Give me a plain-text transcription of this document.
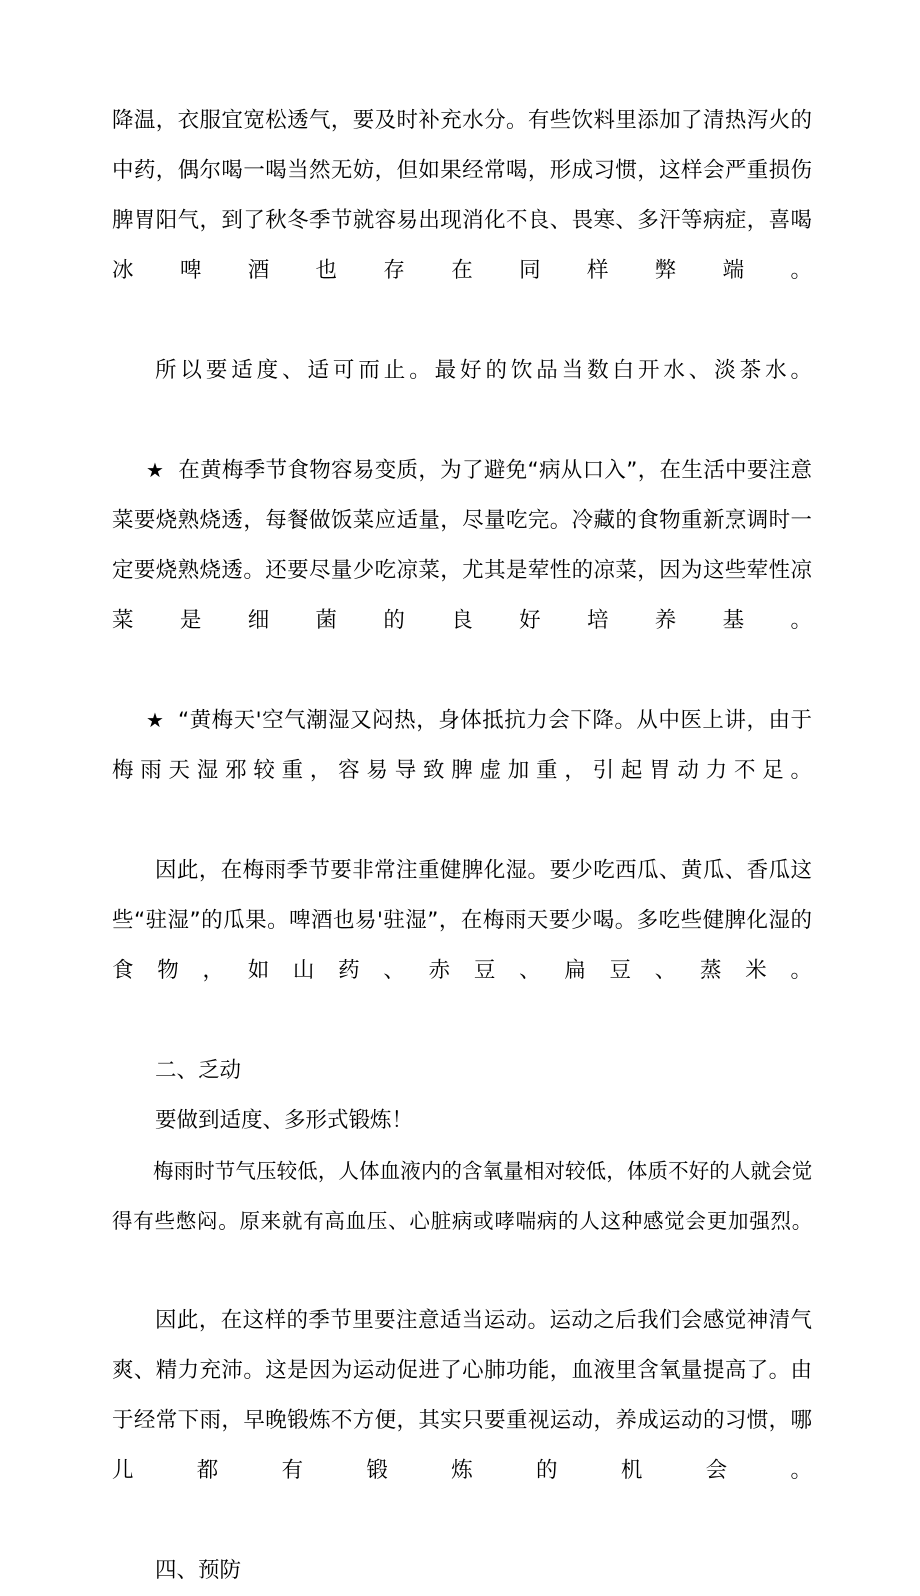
降温，衣服宜宽松透气，要及时补充水分。有些饮料里添加了清热泻火的中药，偶尔喝一喝当然无妨，但如果经常喝，形成习惯，这样会严重损伤脾胃阳气，到了秋冬季节就容易出现消化不良、畏寒、多汗等病症，喜喝冰啤酒也存在同样弊端。

所以要适度、适可而止。最好的饮品当数白开水、淡茶水。

★ 在黄梅季节食物容易变质，为了避免“病从口入”，在生活中要注意菜要烧熟烧透，每餐做饭菜应适量，尽量吃完。冷藏的食物重新烹调时一定要烧熟烧透。还要尽量少吃凉菜，尤其是荤性的凉菜，因为这些荤性凉菜是细菌的良好培养基。

★ “黄梅天'空气潮湿又闷热，身体抵抗力会下降。从中医上讲，由于梅雨天湿邪较重，容易导致脾虚加重，引起胃动力不足。

因此，在梅雨季节要非常注重健脾化湿。要少吃西瓜、黄瓜、香瓜这些“驻湿”的瓜果。啤酒也易'驻湿”，在梅雨天要少喝。多吃些健脾化湿的食物，如山药、赤豆、扁豆、蒸米。

二、乏动

要做到适度、多形式锻炼！

梅雨时节气压较低，人体血液内的含氧量相对较低，体质不好的人就会觉得有些憋闷。原来就有高血压、心脏病或哮喘病的人这种感觉会更加强烈。

因此，在这样的季节里要注意适当运动。运动之后我们会感觉神清气爽、精力充沛。这是因为运动促进了心肺功能，血液里含氧量提高了。由于经常下雨，早晚锻炼不方便，其实只要重视运动，养成运动的习惯，哪儿都有锻炼的机会。

四、预防
